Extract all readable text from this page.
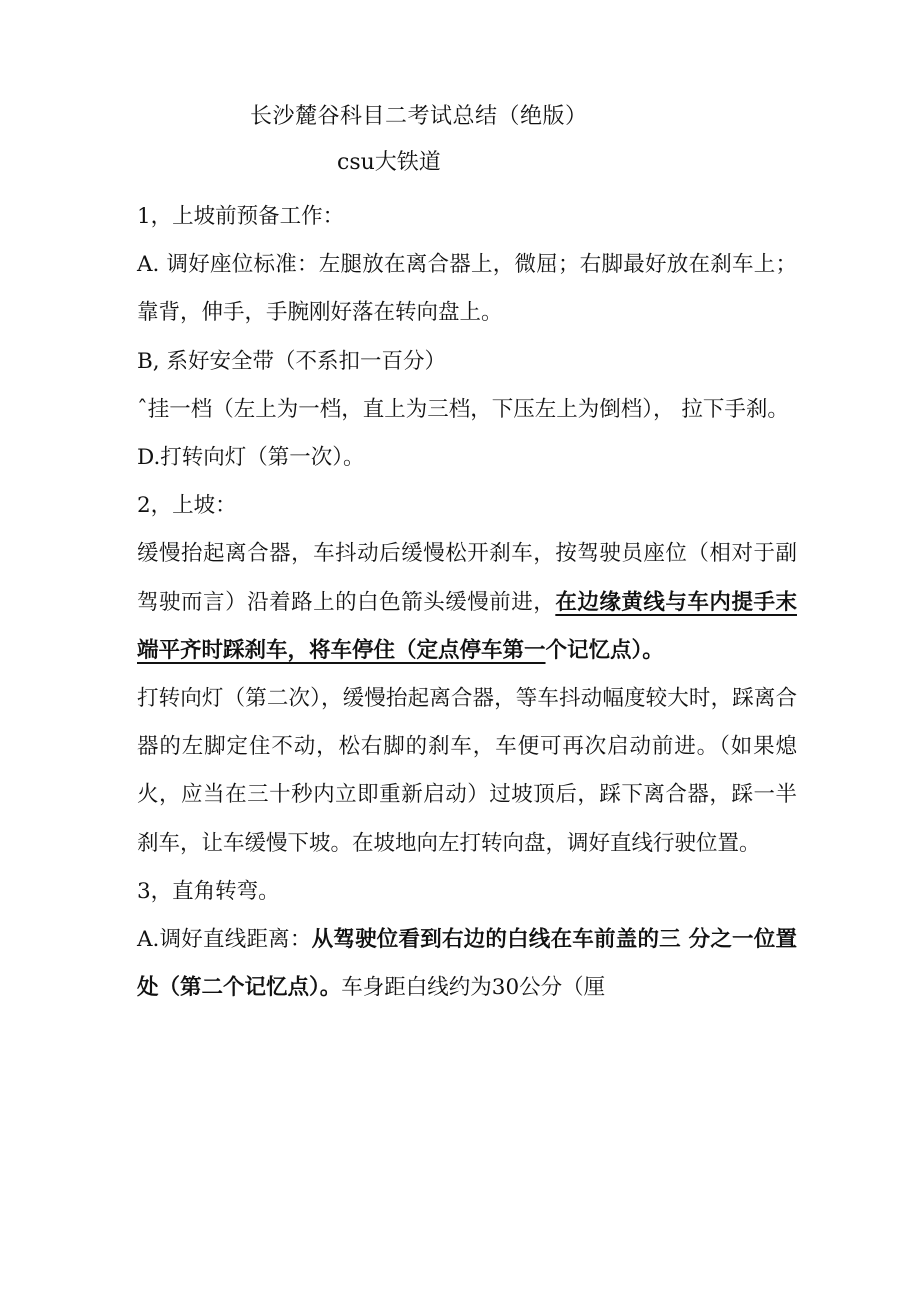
长沙麓谷科目二考试总结（绝版）
csu大铁道

1，上坡前预备工作：

A. 调好座位标准：左腿放在离合器上，微屈；右脚最好放在刹车上；靠背，伸手，手腕刚好落在转向盘上。

B, 系好安全带（不系扣一百分）

ˆ挂一档（左上为一档，直上为三档，下压左上为倒档）， 拉下手刹。

D.打转向灯（第一次）。

2，上坡：

缓慢抬起离合器，车抖动后缓慢松开刹车，按驾驶员座位（相对于副驾驶而言）沿着路上的白色箭头缓慢前进，在边缘黄线与车内提手末端平齐时踩刹车，将车停住（定点停车第一个记忆点）。

打转向灯（第二次），缓慢抬起离合器，等车抖动幅度较大时，踩离合器的左脚定住不动，松右脚的刹车，车便可再次启动前进。（如果熄火，应当在三十秒内立即重新启动）过坡顶后，踩下离合器，踩一半刹车，让车缓慢下坡。在坡地向左打转向盘，调好直线行驶位置。

3，直角转弯。

A.调好直线距离：从驾驶位看到右边的白线在车前盖的三 分之一位置处（第二个记忆点）。车身距白线约为30公分（厘
